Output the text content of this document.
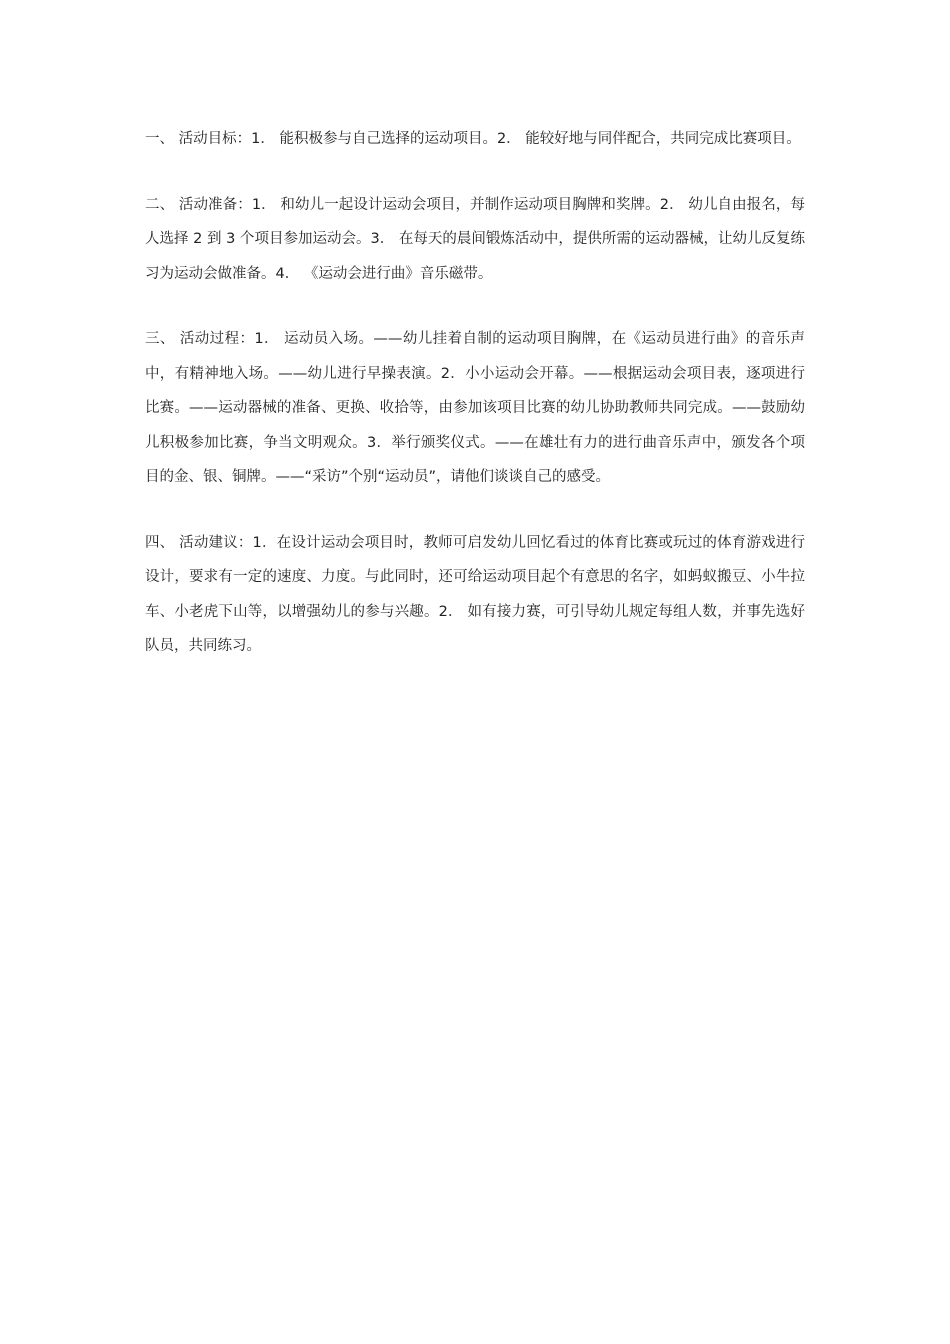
一、 活动目标：1． 能积极参与自己选择的运动项目。2． 能较好地与同伴配合，共同完成比赛项目。

二、 活动准备：1． 和幼儿一起设计运动会项目，并制作运动项目胸牌和奖牌。2． 幼儿自由报名，每人选择 2 到 3 个项目参加运动会。3． 在每天的晨间锻炼活动中，提供所需的运动器械，让幼儿反复练习为运动会做准备。4． 《运动会进行曲》音乐磁带。

三、 活动过程：1． 运动员入场。——幼儿挂着自制的运动项目胸牌，在《运动员进行曲》的音乐声中，有精神地入场。——幼儿进行早操表演。2．小小运动会开幕。——根据运动会项目表，逐项进行比赛。——运动器械的准备、更换、收拾等，由参加该项目比赛的幼儿协助教师共同完成。——鼓励幼儿积极参加比赛，争当文明观众。3．举行颁奖仪式。——在雄壮有力的进行曲音乐声中，颁发各个项目的金、银、铜牌。——“采访”个别“运动员”，请他们谈谈自己的感受。

四、 活动建议：1．在设计运动会项目时，教师可启发幼儿回忆看过的体育比赛或玩过的体育游戏进行设计，要求有一定的速度、力度。与此同时，还可给运动项目起个有意思的名字，如蚂蚁搬豆、小牛拉车、小老虎下山等，以增强幼儿的参与兴趣。2． 如有接力赛，可引导幼儿规定每组人数，并事先选好队员，共同练习。
